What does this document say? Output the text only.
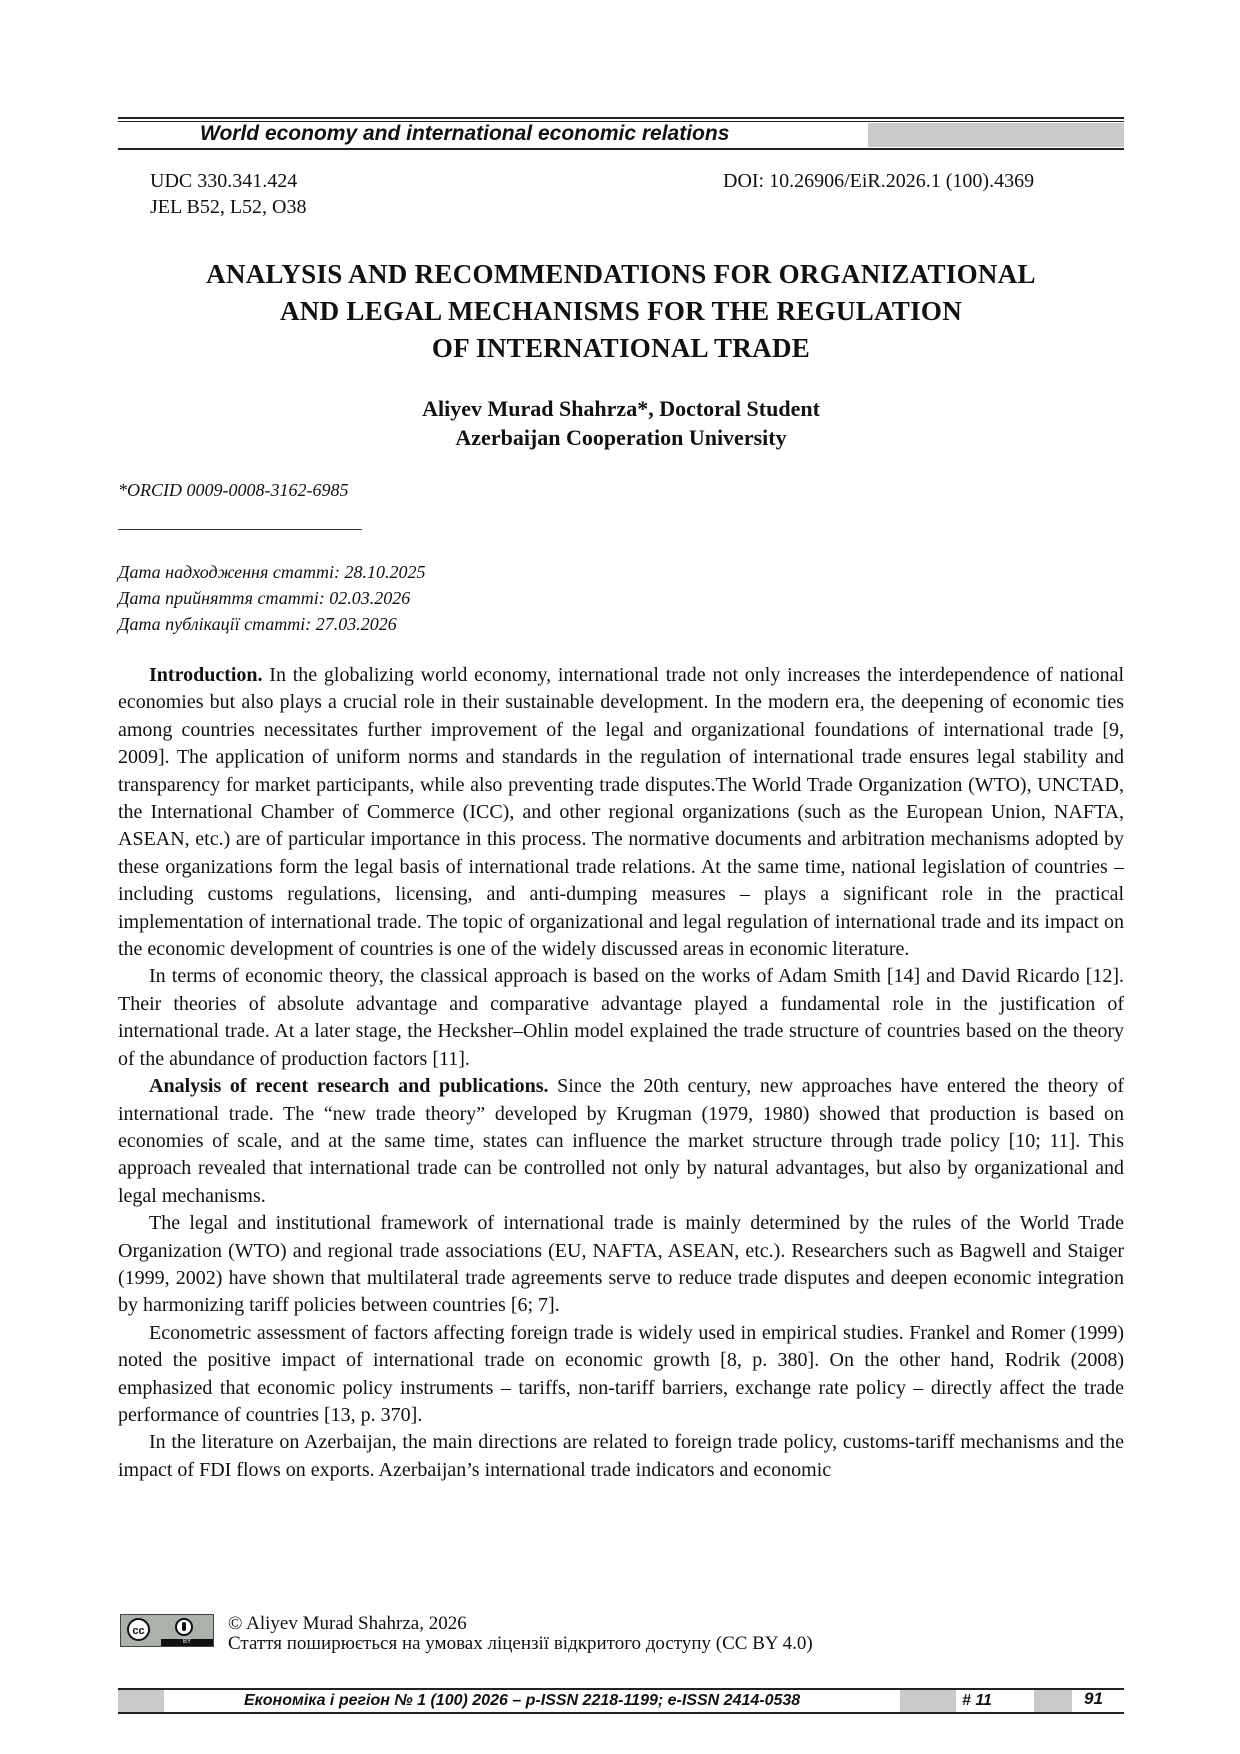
World economy and international economic relations
UDC 330.341.424
JEL B52, L52, O38
DOI: 10.26906/EiR.2026.1 (100).4369
ANALYSIS AND RECOMMENDATIONS FOR ORGANIZATIONAL
AND LEGAL MECHANISMS FOR THE REGULATION
OF INTERNATIONAL TRADE
Aliyev Murad Shahrza*, Doctoral Student
Azerbaijan Cooperation University
*ORCID 0009-0008-3162-6985
Дата надходження статті: 28.10.2025
Дата прийняття статті: 02.03.2026
Дата публікації статті: 27.03.2026

Introduction. In the globalizing world economy, international trade not only increases the interdependence of national economies but also plays a crucial role in their sustainable development. In the modern era, the deepening of economic ties among countries necessitates further improvement of the legal and organizational foundations of international trade [9, 2009]. The application of uniform norms and standards in the regulation of international trade ensures legal stability and transparency for market participants, while also preventing trade disputes.The World Trade Organization (WTO), UNCTAD, the International Chamber of Commerce (ICC), and other regional organizations (such as the European Union, NAFTA, ASEAN, etc.) are of particular importance in this process. The normative documents and arbitration mechanisms adopted by these organizations form the legal basis of international trade relations. At the same time, national legislation of countries – including customs regulations, licensing, and anti-dumping measures – plays a significant role in the practical implementation of international trade. The topic of organizational and legal regulation of international trade and its impact on the economic development of countries is one of the widely discussed areas in economic literature.

In terms of economic theory, the classical approach is based on the works of Adam Smith [14] and David Ricardo [12]. Their theories of absolute advantage and comparative advantage played a fundamental role in the justification of international trade. At a later stage, the Hecksher–Ohlin model explained the trade structure of countries based on the theory of the abundance of production factors [11].

Analysis of recent research and publications. Since the 20th century, new approaches have entered the theory of international trade. The “new trade theory” developed by Krugman (1979, 1980) showed that production is based on economies of scale, and at the same time, states can influence the market structure through trade policy [10; 11]. This approach revealed that international trade can be controlled not only by natural advantages, but also by organizational and legal mechanisms.

The legal and institutional framework of international trade is mainly determined by the rules of the World Trade Organization (WTO) and regional trade associations (EU, NAFTA, ASEAN, etc.). Researchers such as Bagwell and Staiger (1999, 2002) have shown that multilateral trade agreements serve to reduce trade disputes and deepen economic integration by harmonizing tariff policies between countries [6; 7].

Econometric assessment of factors affecting foreign trade is widely used in empirical studies. Frankel and Romer (1999) noted the positive impact of international trade on economic growth [8, p. 380]. On the other hand, Rodrik (2008) emphasized that economic policy instruments – tariffs, non-tariff barriers, exchange rate policy – directly affect the trade performance of countries [13, p. 370].

In the literature on Azerbaijan, the main directions are related to foreign trade policy, customs-tariff mechanisms and the impact of FDI flows on exports. Azerbaijan’s international trade indicators and economic

cc
BY
© Aliyev Murad Shahrza, 2026
Стаття поширюється на умовах ліцензії відкритого доступу (CC BY 4.0)
Економіка і регіон № 1 (100) 2026 – p-ISSN 2218-1199; e-ISSN 2414-0538	# 11	91
